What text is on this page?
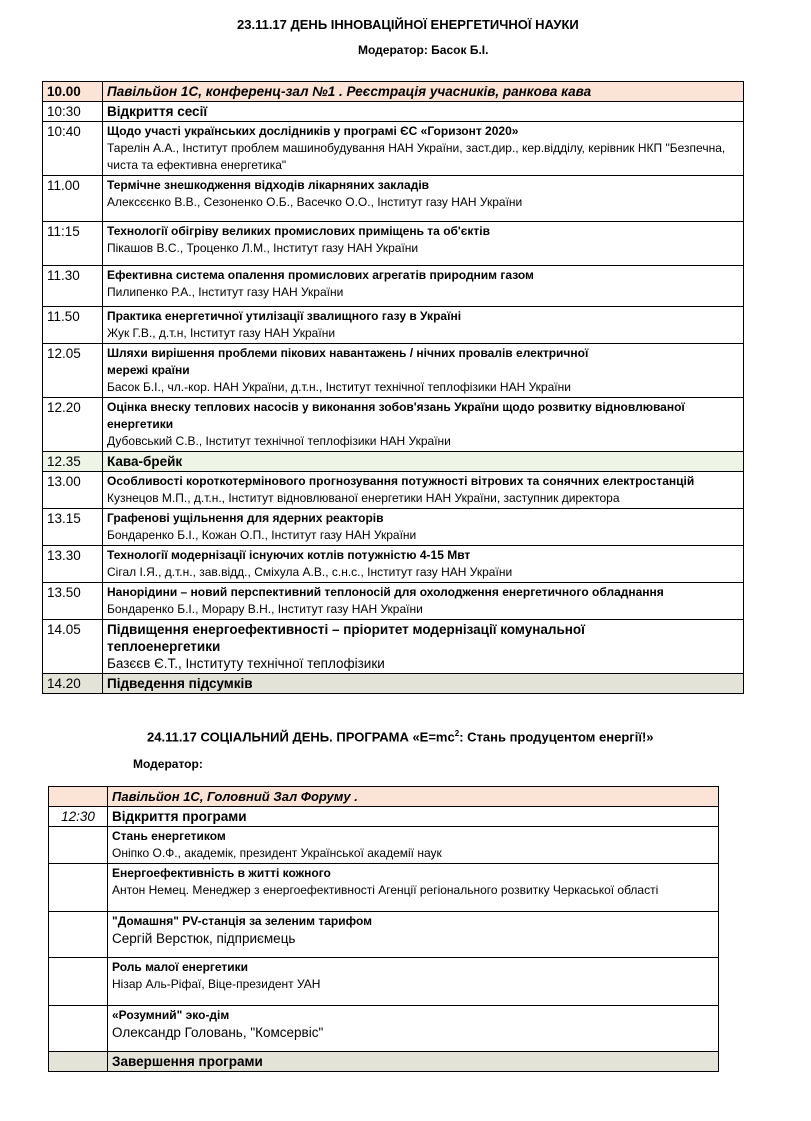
23.11.17 ДЕНЬ ІННОВАЦІЙНОЇ ЕНЕРГЕТИЧНОЇ НАУКИ
Модератор: Басок Б.І.
10.00	Павільйон 1С, конференц-зал №1 . Реєстрація учасників, ранкова кава

10:30	Відкриття сесії

10:40	Щодо участі українських дослідників у програмі ЄС «Горизонт 2020»
Тарелін А.А., Інститут проблем машинобудування НАН України, заст.дир., кер.відділу, керівник НКП "Безпечна, чиста та ефективна енергетика"

11.00	Термічне знешкодження відходів лікарняних закладів
Алексєєнко В.В., Сезоненко О.Б., Васечко О.О., Інститут газу НАН України

11:15	Технології обігріву великих промислових приміщень та об'єктів
Пікашов В.С., Троценко Л.М., Інститут газу НАН України

11.30	Ефективна система опалення промислових агрегатів природним газом
Пилипенко Р.А., Інститут газу НАН України

11.50	Практика енергетичної утилізації звалищного газу в Україні
Жук Г.В., д.т.н, Інститут газу НАН України

12.05	Шляхи вирішення проблеми пікових навантажень / нічних провалів електричної мережі країни
Басок Б.І., чл.-кор. НАН України, д.т.н., Інститут технічної теплофізики НАН України

12.20	Оцінка внеску теплових насосів у виконання зобов'язань України щодо розвитку відновлюваної енергетики
Дубовський С.В., Інститут технічної теплофізики НАН України

12.35	Кава-брейк

13.00	Особливості короткотермінового прогнозування потужності вітрових та сонячних електростанцій
Кузнецов М.П., д.т.н., Інститут відновлюваної енергетики НАН України, заступник директора

13.15	Графенові ущільнення для ядерних реакторів
Бондаренко Б.І., Кожан О.П., Інститут газу НАН України

13.30	Технології модернізації існуючих котлів потужністю 4-15 Мвт
Сігал І.Я., д.т.н., зав.відд., Сміхула А.В., с.н.с., Інститут газу НАН України

13.50	Нанорідини – новий перспективний теплоносій для охолодження енергетичного обладнання
Бондаренко Б.І., Морару В.Н., Інститут газу НАН України

14.05	Підвищення енергоефективності – пріоритет модернізації комунальної теплоенергетики
Базєєв Є.Т., Інституту технічної теплофізики

14.20	Підведення підсумків
24.11.17 СОЦІАЛЬНИЙ ДЕНЬ. ПРОГРАМА «$E=mc^2$: Стань продуцентом енергії!»
Модератор:

	Павільйон 1С, Головний Зал Форуму .

12:30	Відкриття програми

	Стань енергетиком
Оніпко О.Ф., академік, президент Української академії наук

	Енергоефективність в житті кожного
Антон Немец. Менеджер з енергоефективності Агенції регіонального розвитку Черкаської області

	"Домашня" PV-станція за зеленим тарифом
Сергій Верстюк, підприємець

	Роль малої енергетики
Нізар Аль-Ріфаї, Віце-президент УАН

	«Розумний" эко-дім
Олександр Головань, "Комсервіс"

	Завершення програми
